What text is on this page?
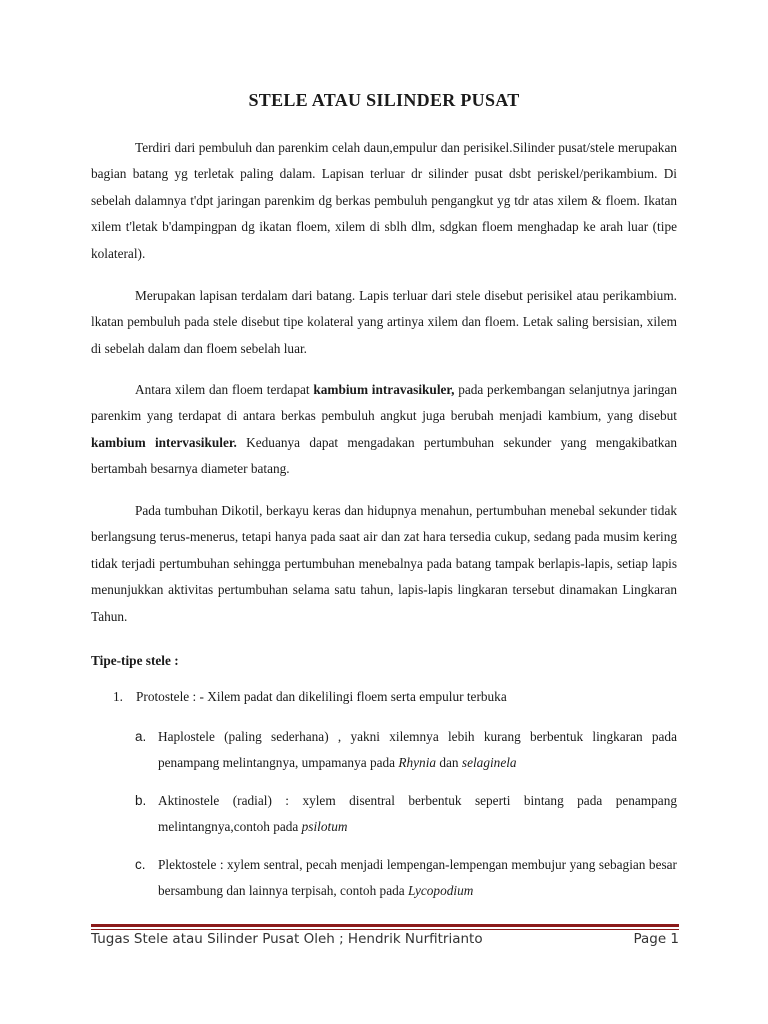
STELE ATAU SILINDER PUSAT

Terdiri dari pembuluh dan parenkim celah daun,empulur dan perisikel.Silinder pusat/stele merupakan bagian batang yg terletak paling dalam. Lapisan terluar dr silinder pusat dsbt periskel/perikambium. Di sebelah dalamnya t'dpt jaringan parenkim dg berkas pembuluh pengangkut yg tdr atas xilem & floem. Ikatan xilem t'letak b'dampingpan dg ikatan floem, xilem di sblh dlm, sdgkan floem menghadap ke arah luar (tipe kolateral).

Merupakan lapisan terdalam dari batang. Lapis terluar dari stele disebut perisikel atau perikambium. lkatan pembuluh pada stele disebut tipe kolateral yang artinya xilem dan floem. Letak saling bersisian, xilem di sebelah dalam dan floem sebelah luar.

Antara xilem dan floem terdapat kambium intravasikuler, pada perkembangan selanjutnya jaringan parenkim yang terdapat di antara berkas pembuluh angkut juga berubah menjadi kambium, yang disebut kambium intervasikuler. Keduanya dapat mengadakan pertumbuhan sekunder yang mengakibatkan bertambah besarnya diameter batang.

Pada tumbuhan Dikotil, berkayu keras dan hidupnya menahun, pertumbuhan menebal sekunder tidak berlangsung terus-menerus, tetapi hanya pada saat air dan zat hara tersedia cukup, sedang pada musim kering tidak terjadi pertumbuhan sehingga pertumbuhan menebalnya pada batang tampak berlapis-lapis, setiap lapis menunjukkan aktivitas pertumbuhan selama satu tahun, lapis-lapis lingkaran tersebut dinamakan Lingkaran Tahun.

Tipe-tipe stele :
1. Protostele : - Xilem padat dan dikelilingi floem serta empulur terbuka
a. Haplostele (paling sederhana) , yakni xilemnya lebih kurang berbentuk lingkaran pada penampang melintangnya, umpamanya pada Rhynia dan selaginela
b. Aktinostele (radial) : xylem disentral berbentuk seperti bintang pada penampang melintangnya,contoh pada psilotum
c. Plektostele : xylem sentral, pecah menjadi lempengan-lempengan membujur yang sebagian besar bersambung dan lainnya terpisah, contoh pada Lycopodium
Tugas Stele atau Silinder Pusat Oleh ; Hendrik Nurfitrianto	Page 1
